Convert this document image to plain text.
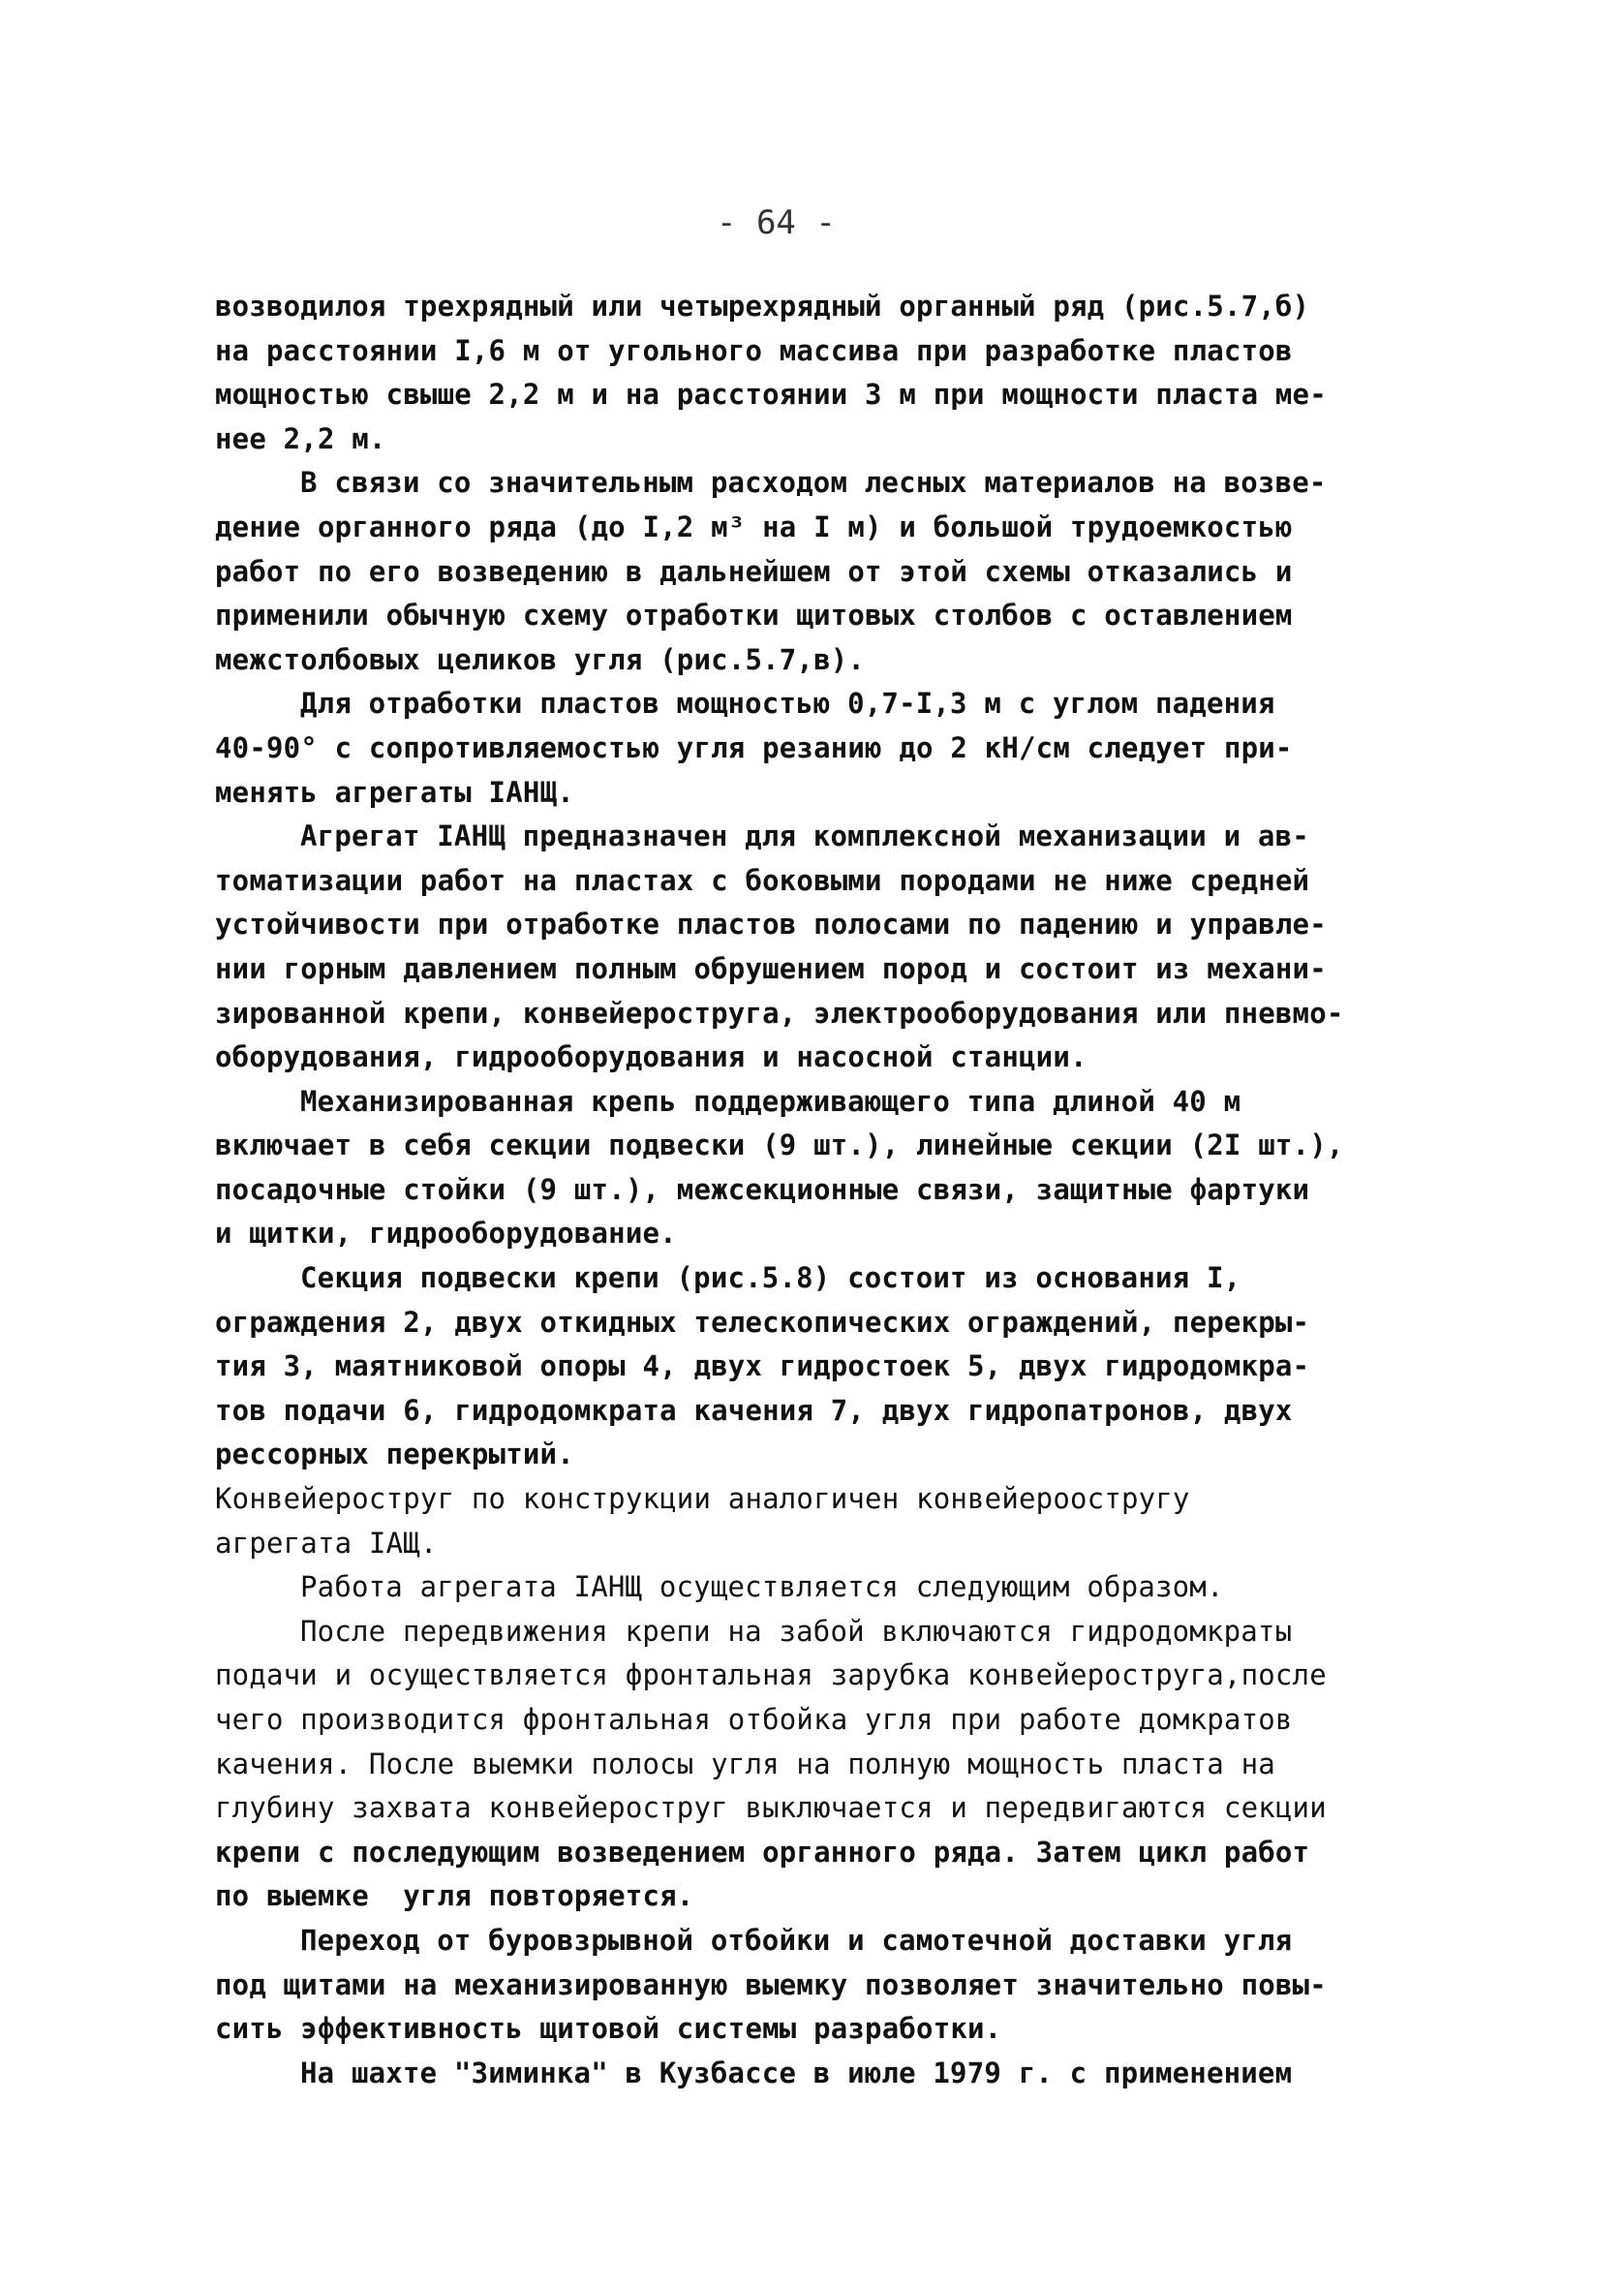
- 64 -
возводилоя трехрядный или четырехрядный органный ряд (рис.5.7,б)
на расстоянии I,6 м от угольного массива при разработке пластов
мощностью свыше 2,2 м и на расстоянии 3 м при мощности пласта ме-
нее 2,2 м.
В связи со значительным расходом лесных материалов на возве-
дение органного ряда (до I,2 м³ на I м) и большой трудоемкостью
работ по его возведению в дальнейшем от этой схемы отказались и
применили обычную схему отработки щитовых столбов с оставлением
межстолбовых целиков угля (рис.5.7,в).
Для отработки пластов мощностью 0,7-I,3 м с углом падения
40-90° с сопротивляемостью угля резанию до 2 кН/см следует при-
менять агрегаты IАНЩ.
Агрегат IАНЩ предназначен для комплексной механизации и ав-
томатизации работ на пластах с боковыми породами не ниже средней
устойчивости при отработке пластов полосами по падению и управле-
нии горным давлением полным обрушением пород и состоит из механи-
зированной крепи, конвейероструга, электрооборудования или пневмо-
оборудования, гидрооборудования и насосной станции.
Механизированная крепь поддерживающего типа длиной 40 м
включает в себя секции подвески (9 шт.), линейные секции (2I шт.),
посадочные стойки (9 шт.), межсекционные связи, защитные фартуки
и щитки, гидрооборудование.
Секция подвески крепи (рис.5.8) состоит из основания I,
ограждения 2, двух откидных телескопических ограждений, перекры-
тия 3, маятниковой опоры 4, двух гидростоек 5, двух гидродомкра-
тов подачи 6, гидродомкрата качения 7, двух гидропатронов, двух
рессорных перекрытий.
Конвейероструг по конструкции аналогичен конвейероостругу
агрегата IАЩ.
Работа агрегата IАНЩ осуществляется следующим образом.
После передвижения крепи на забой включаются гидродомкраты
подачи и осуществляется фронтальная зарубка конвейероструга,после
чего производится фронтальная отбойка угля при работе домкратов
качения. После выемки полосы угля на полную мощность пласта на
глубину захвата конвейероструг выключается и передвигаются секции
крепи с последующим возведением органного ряда. Затем цикл работ
по выемке  угля повторяется.
Переход от буровзрывной отбойки и самотечной доставки угля
под щитами на механизированную выемку позволяет значительно повы-
сить эффективность щитовой системы разработки.
На шахте "Зиминка" в Кузбассе в июле 1979 г. с применением
